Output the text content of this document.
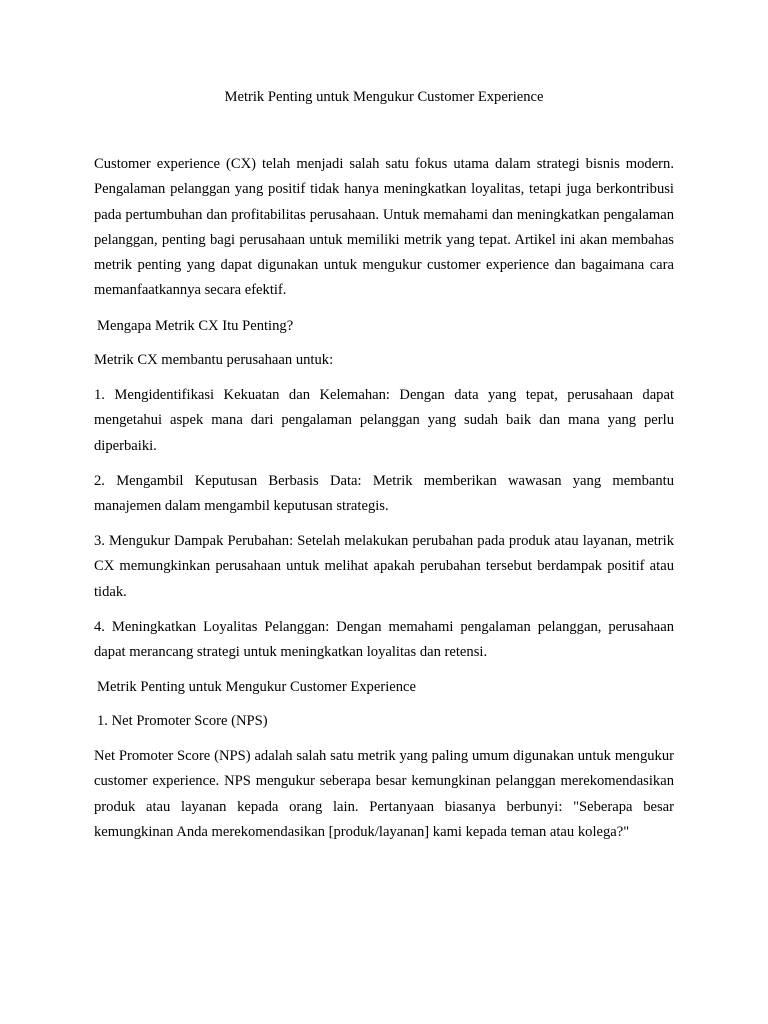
Metrik Penting untuk Mengukur Customer Experience

Customer experience (CX) telah menjadi salah satu fokus utama dalam strategi bisnis modern. Pengalaman pelanggan yang positif tidak hanya meningkatkan loyalitas, tetapi juga berkontribusi pada pertumbuhan dan profitabilitas perusahaan. Untuk memahami dan meningkatkan pengalaman pelanggan, penting bagi perusahaan untuk memiliki metrik yang tepat. Artikel ini akan membahas metrik penting yang dapat digunakan untuk mengukur customer experience dan bagaimana cara memanfaatkannya secara efektif.

Mengapa Metrik CX Itu Penting?

Metrik CX membantu perusahaan untuk:

1. Mengidentifikasi Kekuatan dan Kelemahan: Dengan data yang tepat, perusahaan dapat mengetahui aspek mana dari pengalaman pelanggan yang sudah baik dan mana yang perlu diperbaiki.

2. Mengambil Keputusan Berbasis Data: Metrik memberikan wawasan yang membantu manajemen dalam mengambil keputusan strategis.

3. Mengukur Dampak Perubahan: Setelah melakukan perubahan pada produk atau layanan, metrik CX memungkinkan perusahaan untuk melihat apakah perubahan tersebut berdampak positif atau tidak.

4. Meningkatkan Loyalitas Pelanggan: Dengan memahami pengalaman pelanggan, perusahaan dapat merancang strategi untuk meningkatkan loyalitas dan retensi.

Metrik Penting untuk Mengukur Customer Experience

1. Net Promoter Score (NPS)

Net Promoter Score (NPS) adalah salah satu metrik yang paling umum digunakan untuk mengukur customer experience. NPS mengukur seberapa besar kemungkinan pelanggan merekomendasikan produk atau layanan kepada orang lain. Pertanyaan biasanya berbunyi: "Seberapa besar kemungkinan Anda merekomendasikan [produk/layanan] kami kepada teman atau kolega?"
